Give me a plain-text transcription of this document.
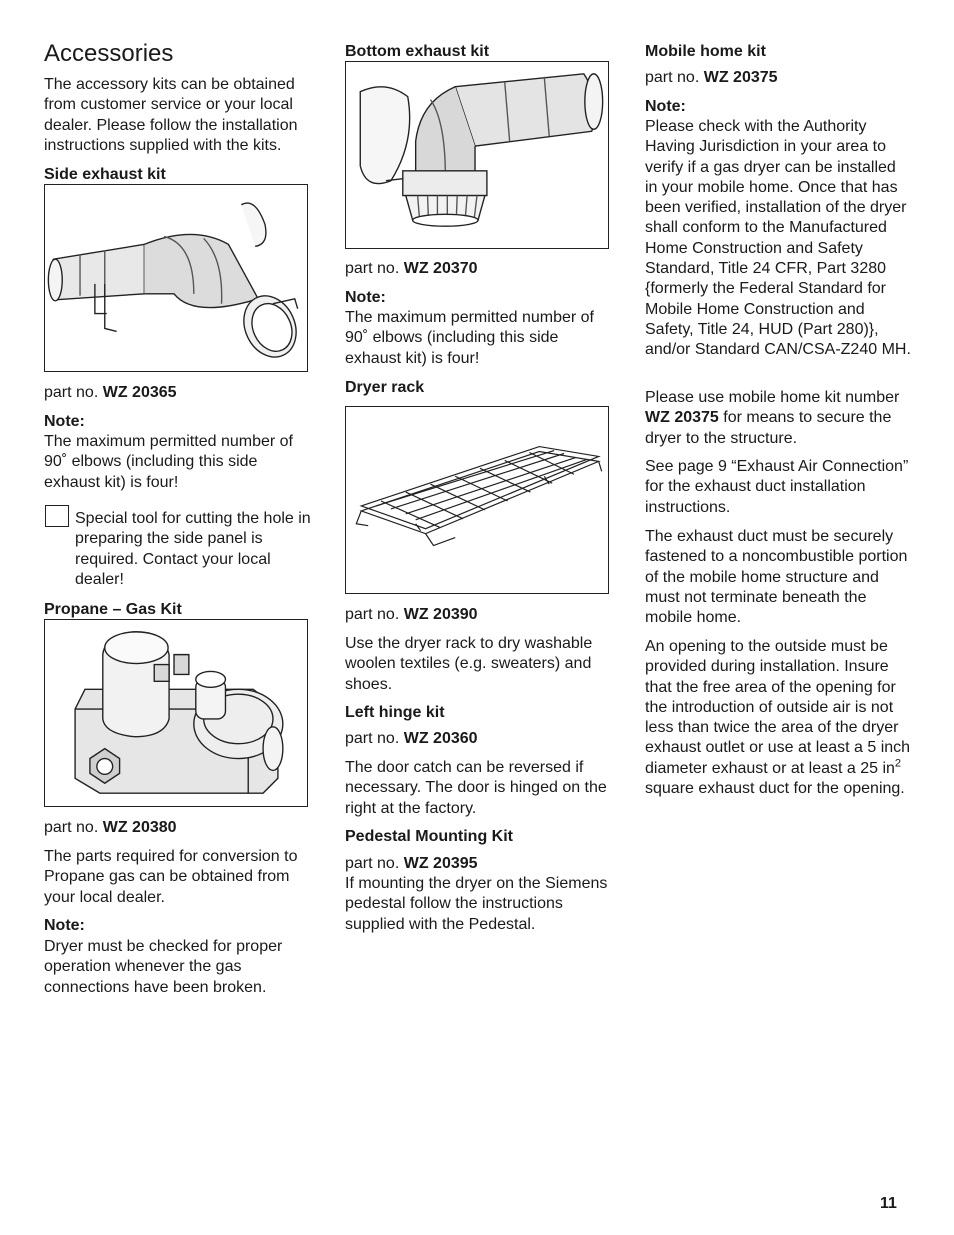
Accessories

The accessory kits can be obtained from customer service or your local dealer. Please follow the installation instructions supplied with the kits.

Side exhaust kit

part no. WZ 20365

Note:

The maximum permitted number of 90˚ elbows (including this side exhaust kit) is four!

Special tool for cutting the hole in preparing the side panel is required. Contact your local dealer!

Propane – Gas Kit

part no. WZ 20380

The parts required for conversion to Propane gas can be obtained from your local dealer.

Note:

Dryer must be checked for proper operation whenever the gas connections have been broken.

Bottom exhaust kit

part no. WZ 20370

Note:

The maximum permitted number of 90˚ elbows (including this side exhaust kit) is four!

Dryer rack

part no. WZ 20390

Use the dryer rack to dry washable woolen textiles (e.g. sweaters) and shoes.

Left hinge kit

part no. WZ 20360

The door catch can be reversed if necessary. The door is hinged on the right at the factory.

Pedestal Mounting Kit

part no. WZ 20395

If mounting the dryer on the Siemens pedestal follow the instructions supplied with the Pedestal.

Mobile home kit

part no. WZ 20375

Note:

Please check with the Authority Having Jurisdiction in your area to verify if a gas dryer can be installed in your mobile home. Once that has been verified, installation of the dryer shall conform to the Manufactured Home Construction and Safety Standard, Title 24 CFR, Part 3280 {formerly the Federal Standard for Mobile Home Construction and Safety, Title 24, HUD (Part 280)}, and/or Standard CAN/CSA-Z240 MH.

Please use mobile home kit number WZ 20375 for means to secure the dryer to the structure.

See page 9 “Exhaust Air Connection” for the exhaust duct installation instructions.

The exhaust duct must be securely fastened to a noncombustible portion of the mobile home structure and must not terminate beneath the mobile home.

An opening to the outside must be provided during installation. Insure that the free area of the opening for the introduction of outside air is not less than twice the area of the dryer exhaust outlet or use at least a 5 inch diameter exhaust or at least a 25 $in^2$ square exhaust duct for the opening.

11
